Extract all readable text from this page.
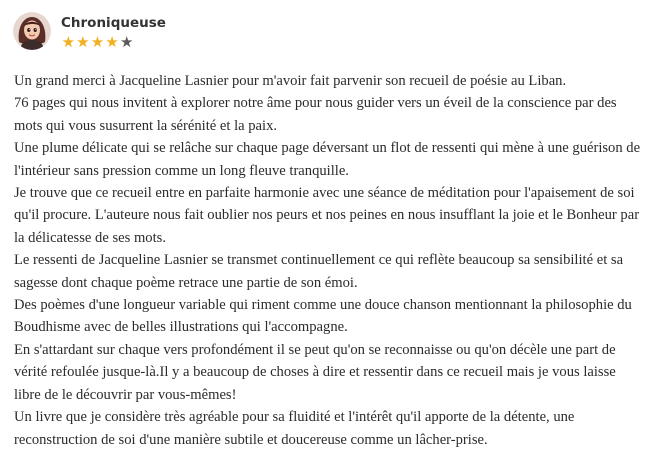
Chroniqueuse
★ ★ ★ ★ ★

Un grand merci à Jacqueline Lasnier pour m'avoir fait parvenir son recueil de poésie au Liban.

76 pages qui nous invitent à explorer notre âme pour nous guider vers un éveil de la conscience par des mots qui vous susurrent la sérénité et la paix.

Une plume délicate qui se relâche sur chaque page déversant un flot de ressenti qui mène à une guérison de l'intérieur sans pression comme un long fleuve tranquille.

Je trouve que ce recueil entre en parfaite harmonie avec une séance de méditation pour l'apaisement de soi qu'il procure. L'auteure nous fait oublier nos peurs et nos peines en nous insufflant la joie et le Bonheur par la délicatesse de ses mots.

Le ressenti de Jacqueline Lasnier se transmet continuellement ce qui reflète beaucoup sa sensibilité et sa sagesse dont chaque poème retrace une partie de son émoi.

Des poèmes d'une longueur variable qui riment comme une douce chanson mentionnant la philosophie du Boudhisme avec de belles illustrations qui l'accompagne.

En s'attardant sur chaque vers profondément il se peut qu'on se reconnaisse ou qu'on décèle une part de vérité refoulée jusque-là.Il y a beaucoup de choses à dire et ressentir dans ce recueil mais je vous laisse libre de le découvrir par vous-mêmes!

Un livre que je considère très agréable pour sa fluidité et l'intérêt qu'il apporte de la détente, une reconstruction de soi d'une manière subtile et doucereuse comme un lâcher-prise.
